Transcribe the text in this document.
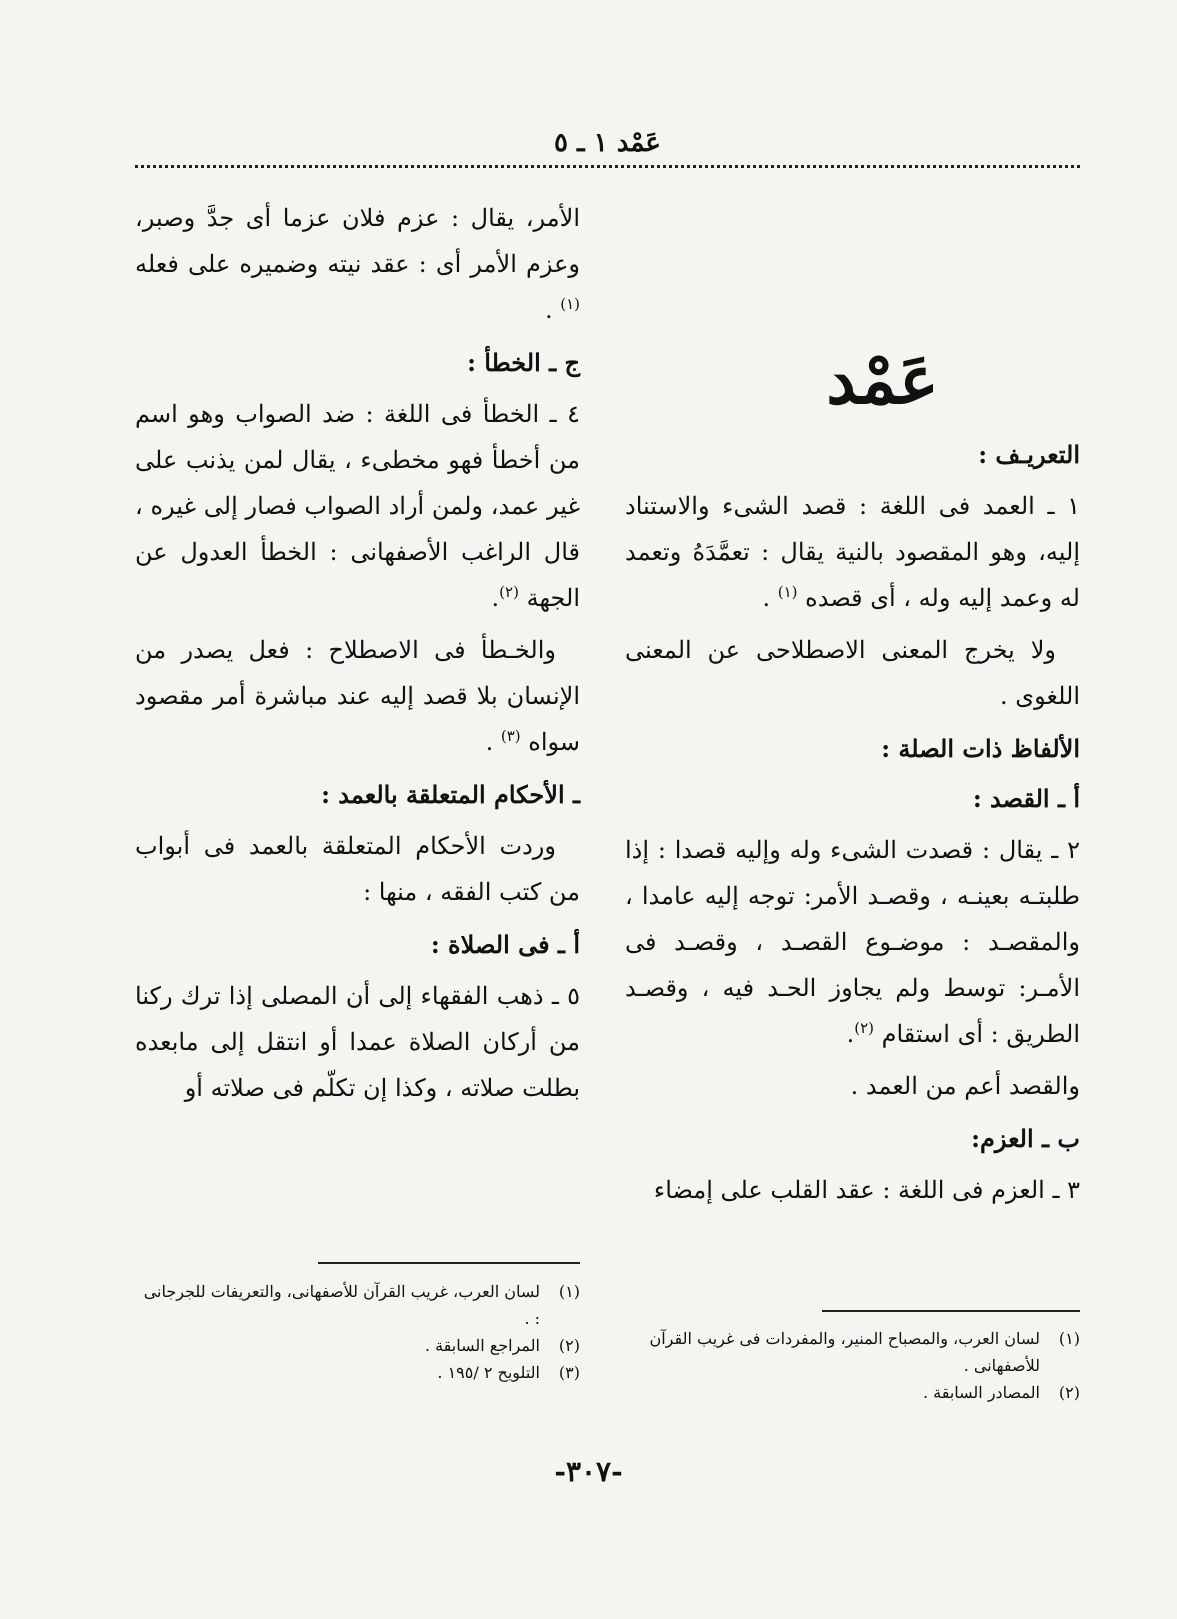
عَمْد ١ ـ ٥
عَمْد
التعريـف :

١ ـ العمد فى اللغة : قصد الشىء والاستناد إليه، وهو المقصود بالنية يقال : تعمَّدَهُ وتعمد له وعمد إليه وله ، أى قصده $^{(١)}$ .

ولا يخرج المعنى الاصطلاحى عن المعنى اللغوى .

الألفاظ ذات الصلة :
أ ـ القصد :

٢ ـ يقال : قصدت الشىء وله وإليه قصدا : إذا طلبتـه بعينـه ، وقصـد الأمر: توجه إليه عامدا ، والمقصـد : موضـوع القصـد ، وقصـد فى الأمـر: توسط ولم يجاوز الحـد فيه ، وقصـد الطريق : أى استقام $^{(٢)}$.

والقصد أعم من العمد .

ب ـ العزم:

٣ ـ العزم فى اللغة : عقد القلب على إمضاء

الأمر، يقال : عزم فلان عزما أى جدَّ وصبر، وعزم الأمر أى : عقد نيته وضميره على فعله $^{(١)}$ .

ج ـ الخطأ :

٤ ـ الخطأ فى اللغة : ضد الصواب وهو اسم من أخطأ فهو مخطىء ، يقال لمن يذنب على غير عمد، ولمن أراد الصواب فصار إلى غيره ، قال الراغب الأصفهانى : الخطأ العدول عن الجهة $^{(٢)}$.

والخـطأ فى الاصطلاح : فعل يصدر من الإنسان بلا قصد إليه عند مباشرة أمر مقصود سواه $^{(٣)}$ .

ـ الأحكام المتعلقة بالعمد :

وردت الأحكام المتعلقة بالعمد فى أبواب من كتب الفقه ، منها :

أ ـ فى الصلاة :

٥ ـ ذهب الفقهاء إلى أن المصلى إذا ترك ركنا من أركان الصلاة عمدا أو انتقل إلى مابعده بطلت صلاته ، وكذا إن تكلّم فى صلاته أو

(١)
لسان العرب، والمصباح المنير، والمفردات فى غريب القرآن للأصفهانى .

(٢)
المصادر السابقة .

(١)
لسان العرب، غريب القرآن للأصفهانى، والتعريفات للجرجانى : .

(٢)
المراجع السابقة .

(٣)
التلويح ٢ /١٩٥ .

-٣٠٧-
